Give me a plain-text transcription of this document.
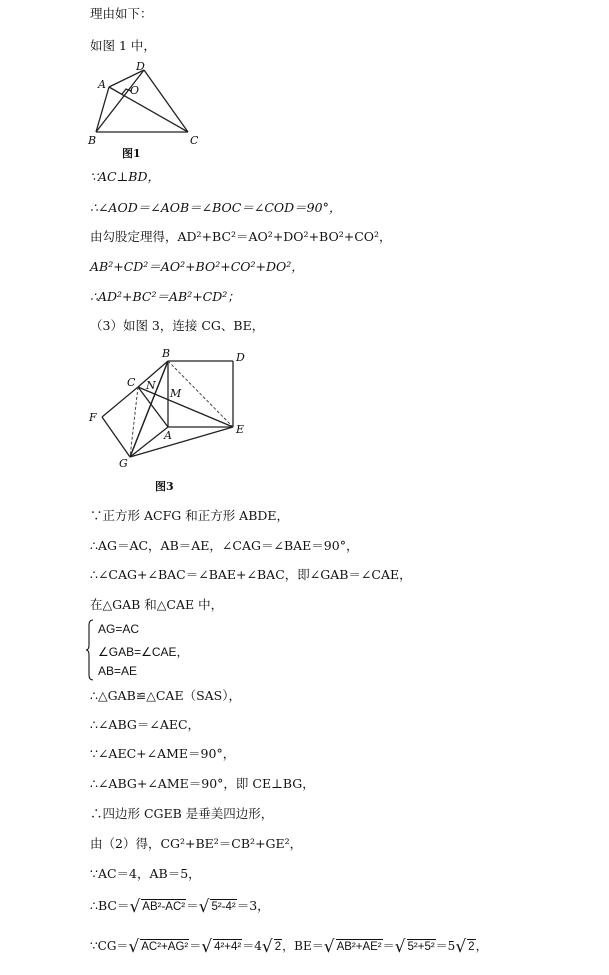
理由如下：
如图 1 中，
D
A O
B	C
图1
∵AC⊥BD，
∴∠AOD＝∠AOB＝∠BOC＝∠COD＝90°，
由勾股定理得，AD²+BC²＝AO²+DO²+BO²+CO²，
AB²+CD²＝AO²+BO²+CO²+DO²，
∴AD²+BC²＝AB²+CD²；
（3）如图 3，连接 CG、BE，
B	D
C N
M
F
A	E
G
图3
∵正方形 ACFG 和正方形 ABDE，
∴AG＝AC，AB＝AE，∠CAG＝∠BAE＝90°，
∴∠CAG+∠BAC＝∠BAE+∠BAC，即∠GAB＝∠CAE，
在△GAB 和△CAE 中，
AG=AC
∠GAB=∠CAE，
AB=AE
∴△GAB≌△CAE（SAS），
∴∠ABG＝∠AEC，
∵∠AEC+∠AME＝90°，
∴∠ABG+∠AME＝90°，即 CE⊥BG，
∴四边形 CGEB 是垂美四边形，
由（2）得，CG²+BE²＝CB²+GE²，
∵AC＝4，AB＝5，
∴BC＝√ AB²-AC²＝√ 5²-4²＝3，
∵CG＝√ AC²+AG²＝√ 4²+4²＝4√ 2，BE＝√ AB²+AE²＝√ 5²+5²＝5√ 2，
